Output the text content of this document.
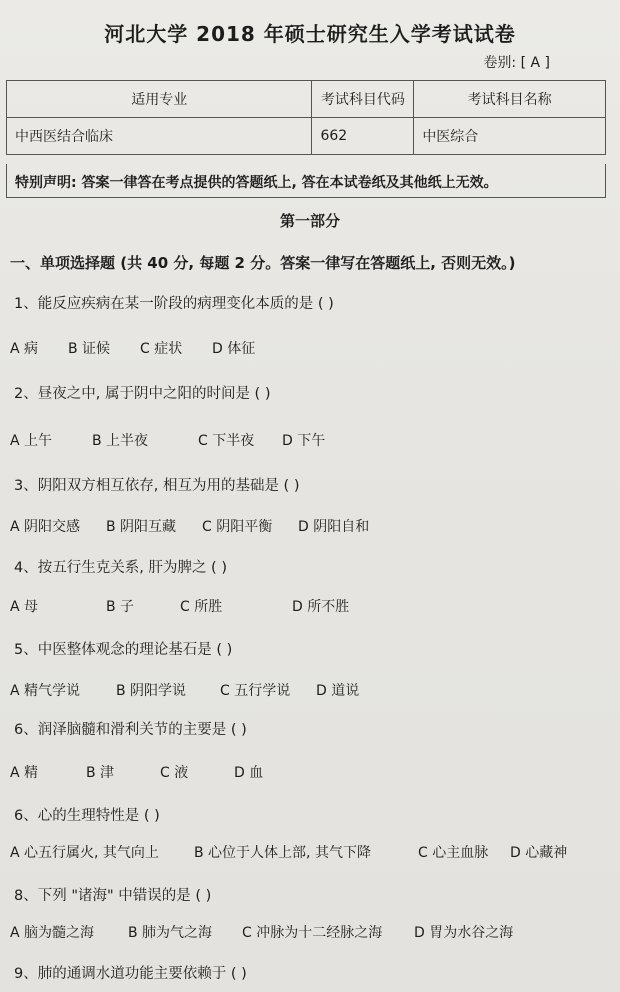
河北大学 2018 年硕士研究生入学考试试卷
卷别: [ A ]
适用专业	考试科目代码	考试科目名称
中西医结合临床	662	中医综合
特别声明: 答案一律答在考点提供的答题纸上, 答在本试卷纸及其他纸上无效。
第一部分
一、单项选择题 (共 40 分, 每题 2 分。答案一律写在答题纸上, 否则无效。)
1、能反应疾病在某一阶段的病理变化本质的是 ( )
A 病 B 证候 C 症状 D 体征
2、昼夜之中, 属于阴中之阳的时间是 ( )
A 上午	B 上半夜	C 下半夜 D 下午
3、阴阳双方相互依存, 相互为用的基础是 ( )
A 阴阳交感 B 阴阳互藏 C 阴阳平衡 D 阴阳自和
4、按五行生克关系, 肝为脾之 ( )
A 母	B 子	C 所胜	D 所不胜
5、中医整体观念的理论基石是 ( )
A 精气学说	B 阴阳学说 C 五行学说 D 道说
6、润泽脑髓和滑利关节的主要是 ( )
A 精	B 津	C 液	D 血
6、心的生理特性是 ( )
A 心五行属火, 其气向上	B 心位于人体上部, 其气下降	C 心主血脉 D 心藏神
8、下列 "诸海" 中错误的是 ( )
A 脑为髓之海 B 肺为气之海 C 冲脉为十二经脉之海 D 胃为水谷之海
9、肺的通调水道功能主要依赖于 ( )
